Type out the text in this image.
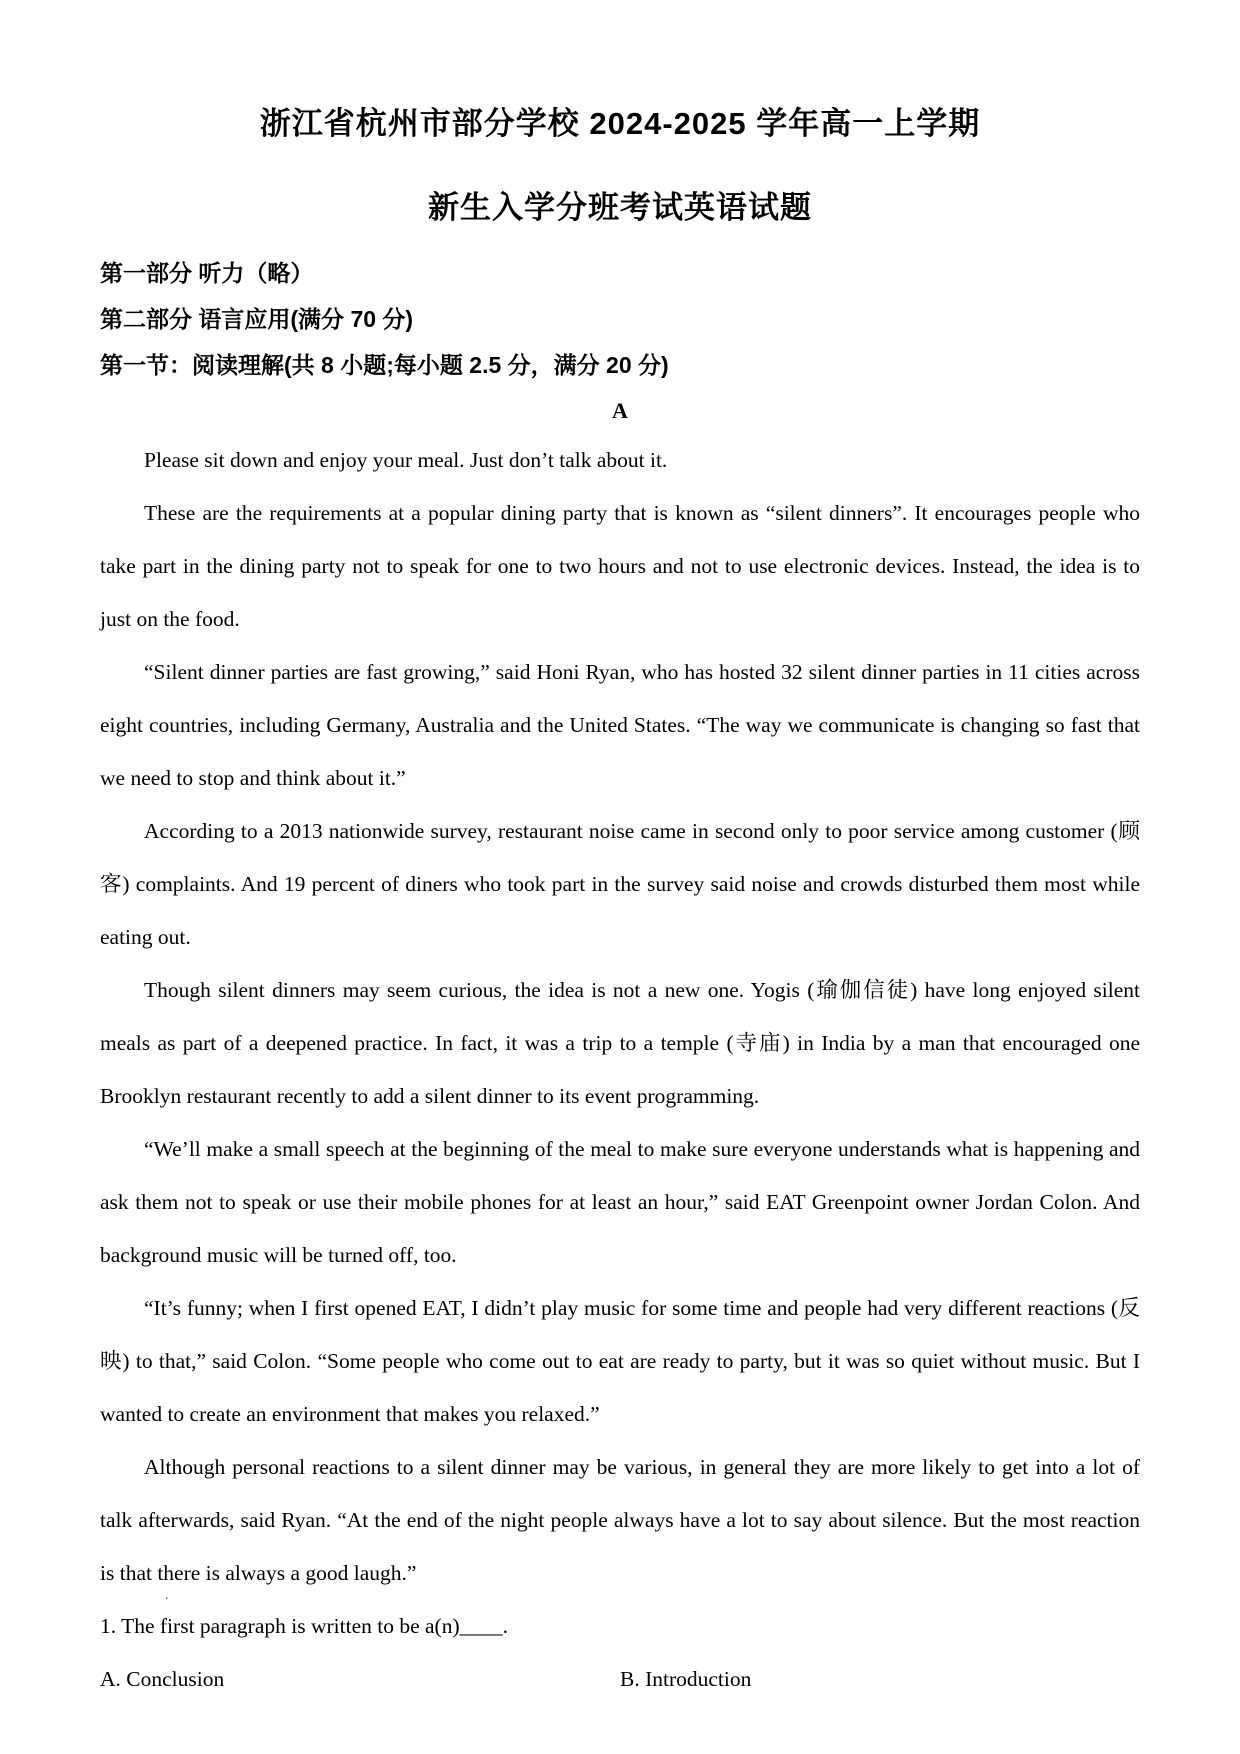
浙江省杭州市部分学校 2024-2025 学年高一上学期
新生入学分班考试英语试题
第一部分 听力（略）
第二部分 语言应用(满分 70 分)
第一节：阅读理解(共 8 小题;每小题 2.5 分，满分 20 分)
A

Please sit down and enjoy your meal. Just don’t talk about it.

These are the requirements at a popular dining party that is known as “silent dinners”. It encourages people who take part in the dining party not to speak for one to two hours and not to use electronic devices. Instead, the idea is to just on the food.

“Silent dinner parties are fast growing,” said Honi Ryan, who has hosted 32 silent dinner parties in 11 cities across eight countries, including Germany, Australia and the United States. “The way we communicate is changing so fast that we need to stop and think about it.”

According to a 2013 nationwide survey, restaurant noise came in second only to poor service among customer (顾客) complaints. And 19 percent of diners who took part in the survey said noise and crowds disturbed them most while eating out.

Though silent dinners may seem curious, the idea is not a new one. Yogis (瑜伽信徒) have long enjoyed silent meals as part of a deepened practice. In fact, it was a trip to a temple (寺庙) in India by a man that encouraged one Brooklyn restaurant recently to add a silent dinner to its event programming.

“We’ll make a small speech at the beginning of the meal to make sure everyone understands what is happening and ask them not to speak or use their mobile phones for at least an hour,” said EAT Greenpoint owner Jordan Colon. And background music will be turned off, too.

“It’s funny; when I first opened EAT, I didn’t play music for some time and people had very different reactions (反映) to that,” said Colon. “Some people who come out to eat are ready to party, but it was so quiet without music. But I wanted to create an environment that makes you relaxed.”

Although personal reactions to a silent dinner may be various, in general they are more likely to get into a lot of talk afterwards, said Ryan. “At the end of the night people always have a lot to say about silence. But the most reaction is that there is always a good laugh.”

1. The first paragraph is written to be a(n)____.

A. Conclusion	B. Introduction
.
